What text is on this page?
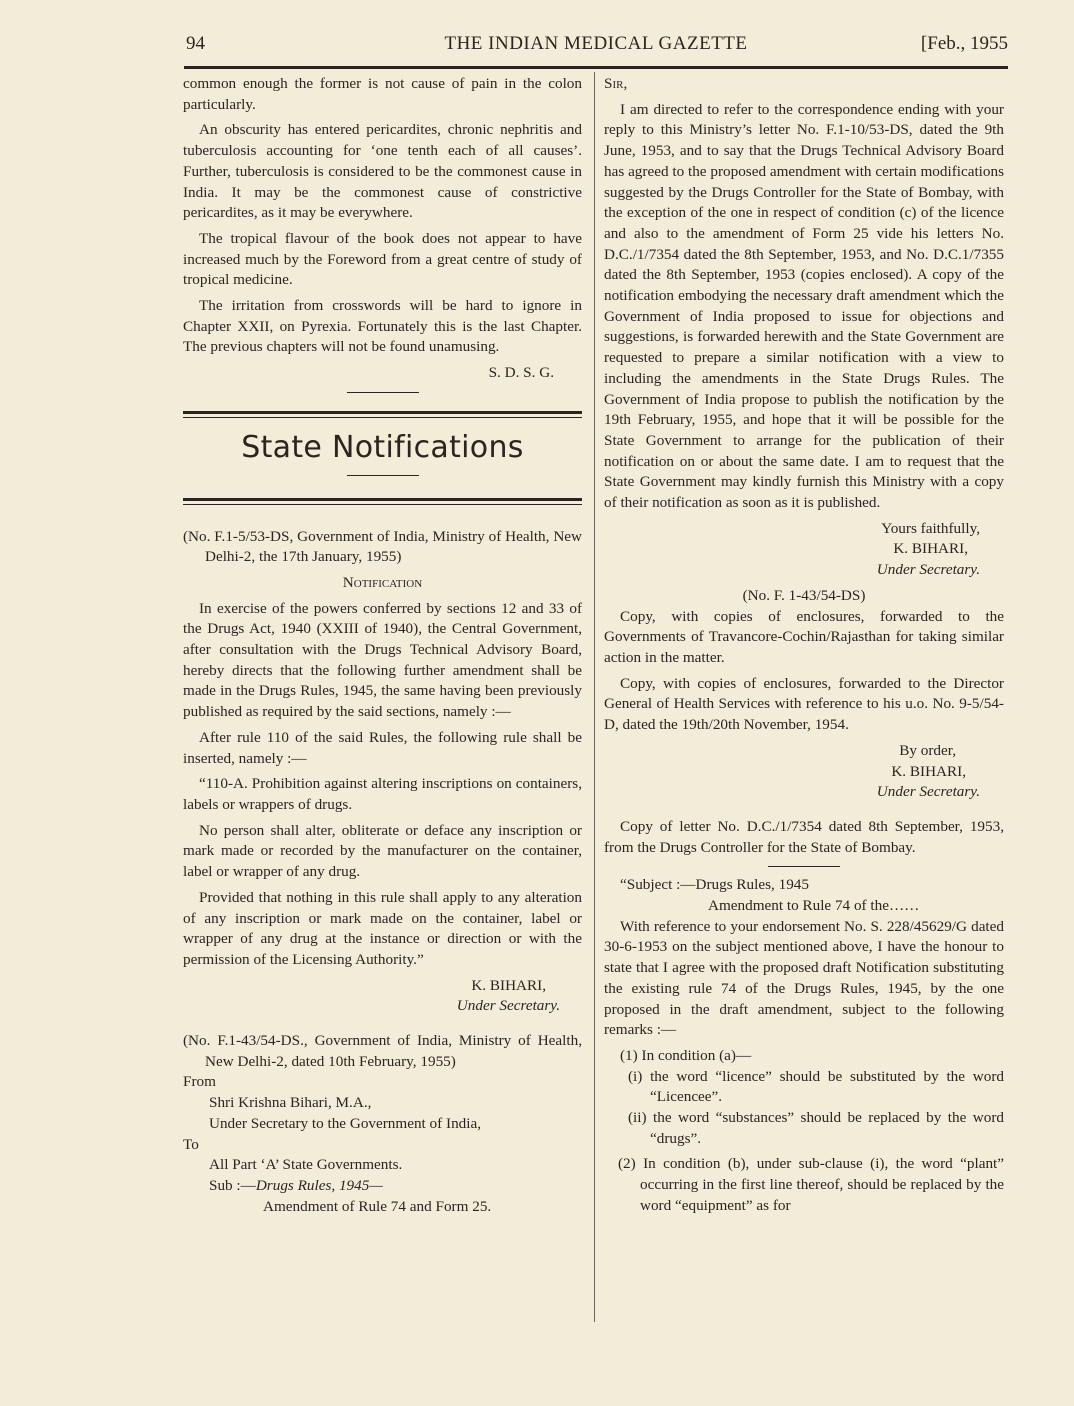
94	THE INDIAN MEDICAL GAZETTE	[Feb., 1955

common enough the former is not cause of pain in the colon particularly.

An obscurity has entered pericardites, chronic nephritis and tuberculosis accounting for ‘one tenth each of all causes’. Further, tuberculosis is considered to be the commonest cause in India. It may be the commonest cause of constrictive pericardites, as it may be everywhere.

The tropical flavour of the book does not appear to have increased much by the Foreword from a great centre of study of tropical medicine.

The irritation from crosswords will be hard to ignore in Chapter XXII, on Pyrexia. Fortunately this is the last Chapter. The previous chapters will not be found unamusing.

S. D. S. G.

State Notifications

(No. F.1-5/53-DS, Government of India, Ministry of Health, New Delhi-2, the 17th January, 1955)

Notification

In exercise of the powers conferred by sections 12 and 33 of the Drugs Act, 1940 (XXIII of 1940), the Central Government, after consultation with the Drugs Technical Advisory Board, hereby directs that the following further amendment shall be made in the Drugs Rules, 1945, the same having been previously published as required by the said sections, namely :—

After rule 110 of the said Rules, the following rule shall be inserted, namely :—

“110-A. Prohibition against altering inscriptions on containers, labels or wrappers of drugs.

No person shall alter, obliterate or deface any inscription or mark made or recorded by the manufacturer on the container, label or wrapper of any drug.

Provided that nothing in this rule shall apply to any alteration of any inscription or mark made on the container, label or wrapper of any drug at the instance or direction or with the permission of the Licensing Authority.”

K. BIHARI,

Under Secretary.

(No. F.1-43/54-DS., Government of India, Ministry of Health, New Delhi-2, dated 10th February, 1955)

From

Shri Krishna Bihari, M.A.,

Under Secretary to the Government of India,

To

All Part ‘A’ State Governments.

Sub :—Drugs Rules, 1945—

Amendment of Rule 74 and Form 25.

Sir,

I am directed to refer to the correspondence ending with your reply to this Ministry’s letter No. F.1-10/53-DS, dated the 9th June, 1953, and to say that the Drugs Technical Advisory Board has agreed to the proposed amendment with certain modifications suggested by the Drugs Controller for the State of Bombay, with the exception of the one in respect of condition (c) of the licence and also to the amendment of Form 25 vide his letters No. D.C./1/7354 dated the 8th September, 1953, and No. D.C.1/7355 dated the 8th September, 1953 (copies enclosed). A copy of the notification embodying the necessary draft amendment which the Government of India proposed to issue for objections and suggestions, is forwarded herewith and the State Government are requested to prepare a similar notification with a view to including the amendments in the State Drugs Rules. The Government of India propose to publish the notification by the 19th February, 1955, and hope that it will be possible for the State Government to arrange for the publication of their notification on or about the same date. I am to request that the State Government may kindly furnish this Ministry with a copy of their notification as soon as it is published.

Yours faithfully,

K. BIHARI,

Under Secretary.

(No. F. 1-43/54-DS)

Copy, with copies of enclosures, forwarded to the Governments of Travancore-Cochin/Rajasthan for taking similar action in the matter.

Copy, with copies of enclosures, forwarded to the Director General of Health Services with reference to his u.o. No. 9-5/54-D, dated the 19th/20th November, 1954.

By order,

K. BIHARI,

Under Secretary.

Copy of letter No. D.C./1/7354 dated 8th September, 1953, from the Drugs Controller for the State of Bombay.

“Subject :—Drugs Rules, 1945

Amendment to Rule 74 of the……

With reference to your endorsement No. S. 228/45629/G dated 30-6-1953 on the subject mentioned above, I have the honour to state that I agree with the proposed draft Notification substituting the existing rule 74 of the Drugs Rules, 1945, by the one proposed in the draft amendment, subject to the following remarks :—

(1) In condition (a)—

(i) the word “licence” should be substituted by the word “Licencee”.

(ii) the word “substances” should be replaced by the word “drugs”.

(2) In condition (b), under sub-clause (i), the word “plant” occurring in the first line thereof, should be replaced by the word “equipment” as for
